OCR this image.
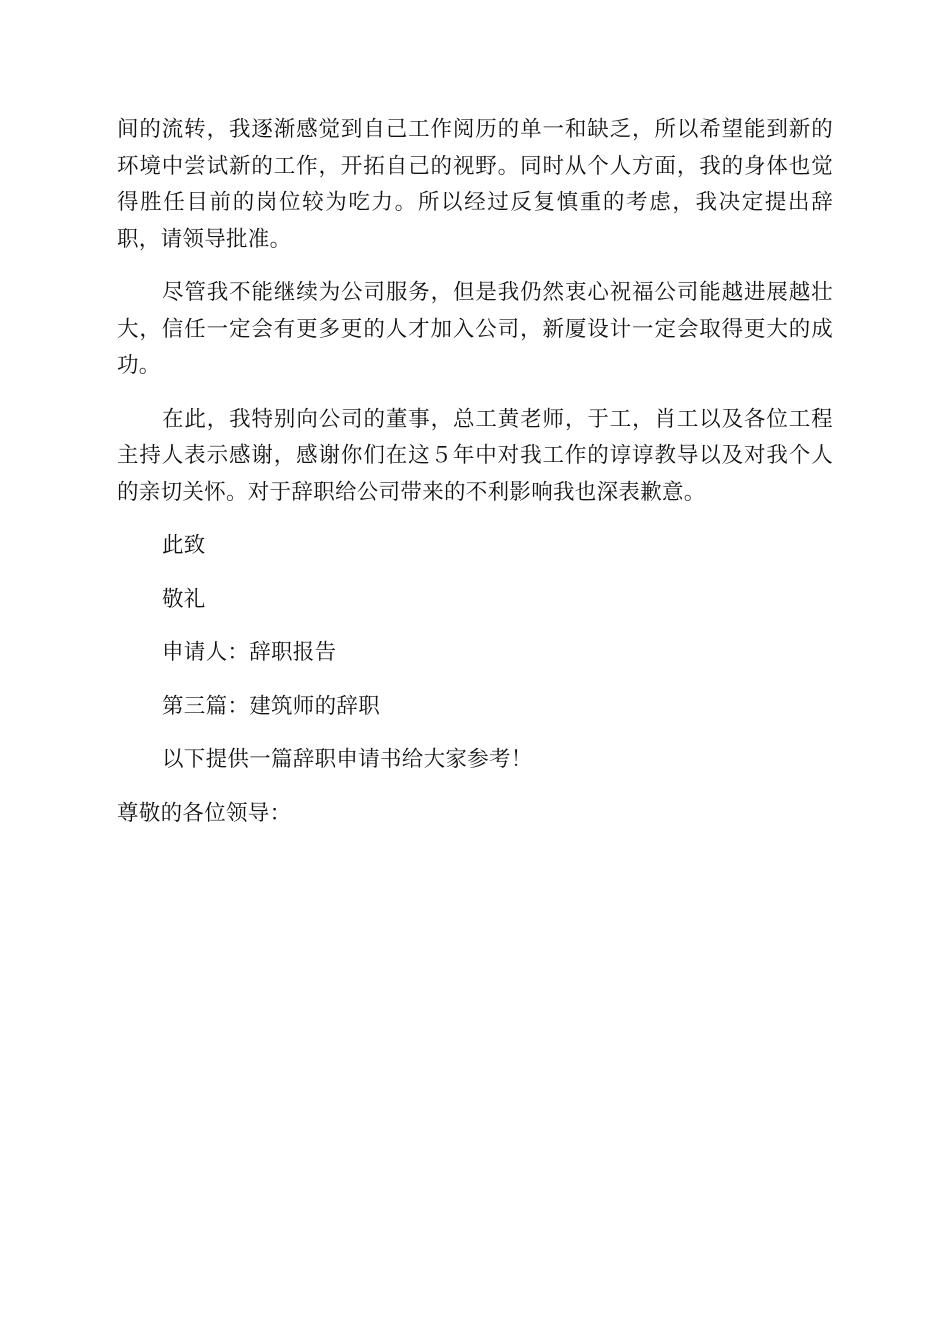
间的流转，我逐渐感觉到自己工作阅历的单一和缺乏，所以希望能到新的环境中尝试新的工作，开拓自己的视野。同时从个人方面，我的身体也觉得胜任目前的岗位较为吃力。所以经过反复慎重的考虑，我决定提出辞职，请领导批准。

尽管我不能继续为公司服务，但是我仍然衷心祝福公司能越进展越壮大，信任一定会有更多更的人才加入公司，新厦设计一定会取得更大的成功。

在此，我特别向公司的董事，总工黄老师，于工，肖工以及各位工程主持人表示感谢，感谢你们在这５年中对我工作的谆谆教导以及对我个人的亲切关怀。对于辞职给公司带来的不利影响我也深表歉意。

此致

敬礼

申请人：辞职报告

第三篇：建筑师的辞职

以下提供一篇辞职申请书给大家参考！

尊敬的各位领导：
